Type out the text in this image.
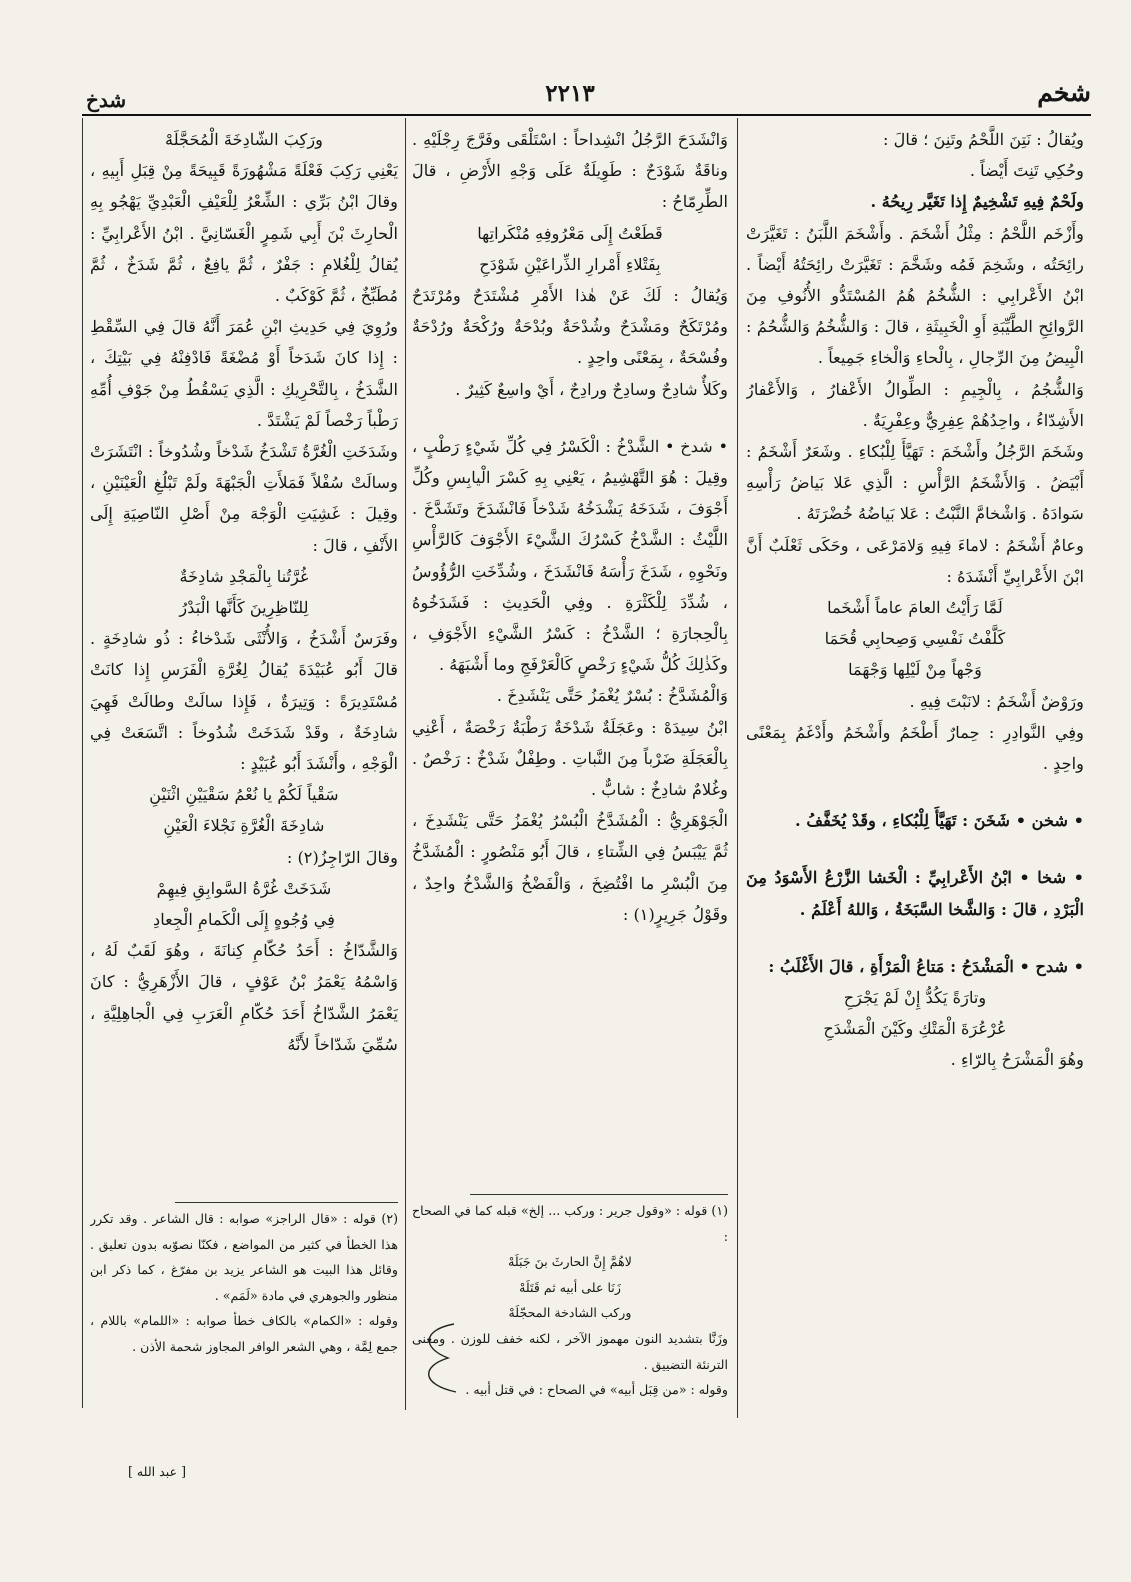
شخم
٢٢١٣
شدخ

ويُقالُ : نَتِنَ اللَّحْمُ وتَنِنَ ؛ قالَ :

وحُكِي تَنِتَ أَيْضاً .

ولَحْمٌ فِيهِ تَشْخِيمٌ إِذا تَغَيَّر رِيحُهُ .

وأَزْخَم اللَّحْمُ : مِثْلُ أَشْخَمَ . وأَشْخَمَ اللَّبَنُ : تَغَيَّرَتْ رائِحَتُه ، وشَخِمَ فَمُه وشَخَّمَ : تَغَيَّرَتْ رائِحَتُهُ أَيْضاً . ابْنُ الأَعْرابِي : الشُّخُمُ هُمُ المُسْتَدُّو الأُنُوفِ مِنَ الرَّوائِحِ الطَّيِّبَةِ أَوِ الْخَبِيثَةِ ، قالَ : وَالشُّخُمُ وَالشُّحُمُ : الْبِيضُ مِنَ الرِّجالِ ، بِالْحاءِ وَالْخاءِ جَمِيعاً .

وَالشُّجُمُ ، بِالْجِيمِ : الطِّوالُ الأَعْفارُ ، وَالأَعْفارُ الأَشِدّاءُ ، واحِدُهُمْ عِفِرِيٌّ وعِفْرِيَةٌ .

وشَخَمَ الرَّجُلُ وأَشْخَمَ : تَهَيَّأَ لِلْبُكاءِ . وشَعَرٌ أَشْخَمُ : أَبْيَضُ . وَالأَشْخَمُ الرَّأْسِ : الَّذِي عَلا بَياضُ رَأْسِهِ سَوادَهُ . وَاشْخامَّ النَّبْتُ : عَلا بَياضُهُ خُضْرَتَهُ .

وعامٌ أَشْخَمُ : لاماءَ فِيهِ وَلامَرْعَى ، وحَكَى ثَعْلَبٌ أَنَّ ابْنَ الأَعْرابِيِّ أَنْشَدَهُ :

لَمَّا رَأَيْتُ العامَ عاماً أَشْخَما

كَلَّفْتُ نَفْسِي وَصِحابِي قُحَمَا

وَجْهاً مِنْ لَيْلِها وَجْهَمَا

ورَوْضٌ أَشْخَمُ : لانَبْتَ فِيهِ .

وفِي النَّوادِرِ : حِمارٌ أَطْخَمُ وأَشْخَمُ وأَدْغَمُ بِمَعْنًى واحِدٍ .

• شخن • شَخَنَ : تَهَيَّأَ لِلْبُكاءِ ، وقَدْ يُخَفَّفُ .

• شخا • ابْنُ الأَعْرابِيِّ : الْخَشا الزَّرْعُ الأَسْوَدُ مِنَ الْبَرْدِ ، قالَ : وَالشَّخا السَّبَخَةُ ، وَاللهُ أَعْلَمُ .

• شدح • الْمَشْدَحُ : مَتاعُ الْمَرْأَةِ ، قالَ الأَغْلَبُ :

وتارَةً يَكُدُّ إِنْ لَمْ يَجْرَحِ

عُرْعُرَةَ الْمَتْكِ وكَيْنَ الْمَشْدَحِ

وهُوَ الْمَشْرَحُ بِالرّاءِ .

وَانْشَدَحَ الرَّجُلُ انْشِداحاً : اسْتَلْقَى وفَرَّجَ رِجْلَيْهِ . وناقَةٌ شَوْدَحٌ : طَوِيلَةٌ عَلَى وَجْهِ الأَرْضِ ، قالَ الطِّرِمّاحُ :

قَطَعْتُ إِلَى مَعْرُوفِهِ مُنْكَراتِها

بِفَتْلاءِ أَمْرارِ الذِّراعَيْنِ شَوْدَحِ

وَيُقالُ : لَكَ عَنْ هٰذا الأَمْرِ مُشْتَدَحٌ ومُرْتَدَحٌ ومُرْتَكَحٌ ومَشْدَحٌ وشُدْحَةٌ وبُدْحَةٌ ورُكْحَةٌ ورُدْحَةٌ وفُسْحَةٌ ، بِمَعْنًى واحِدٍ .

وكَلأٌ شادِحٌ وسادِحٌ ورادِحٌ ، أَيْ واسِعٌ كَثِيرٌ .

• شدخ • الشَّدْخُ : الْكَسْرُ فِي كُلِّ شَيْءٍ رَطْبٍ ، وقِيلَ : هُوَ التَّهْشِيمُ ، يَعْنِي بِهِ كَسْرَ الْيابِسِ وكُلِّ أَجْوَفَ ، شَدَخَهُ يَشْدَخُهُ شَدْخاً فَانْشَدَخَ وتَشَدَّخَ . اللَّيْثُ : الشَّدْخُ كَسْرُكَ الشَّيْءَ الأَجْوَفَ كَالرَّأْسِ ونَحْوِهِ ، شَدَخَ رَأْسَهُ فَانْشَدَخَ ، وشُدِّخَتِ الرُّؤُوسُ ، شُدِّدَ لِلْكَثْرَةِ . وفِي الْحَدِيثِ : فَشَدَخُوهُ بِالْحِجارَةِ ؛ الشَّدْخُ : كَسْرُ الشَّيْءِ الأَجْوَفِ ، وكَذٰلِكَ كُلُّ شَيْءٍ رَخْصٍ كَالْعَرْفَجِ وما أَشْبَهَهُ .

وَالْمُشَدَّخُ : بُسْرٌ يُغْمَزُ حَتَّى يَنْشَدِخَ .

ابْنُ سِيدَهْ : وعَجَلَةٌ شَدْخَةٌ رَطْبَةٌ رَخْصَةٌ ، أَعْنِي بِالْعَجَلَةِ ضَرْباً مِنَ النَّباتِ . وطِفْلٌ شَدْخٌ : رَخْصٌ . وغُلامٌ شادِخٌ : شابٌّ .

الْجَوْهَرِيُّ : الْمُشَدَّخُ الْبُسْرُ يُغْمَزُ حَتَّى يَنْشَدِخَ ، ثُمَّ يَيْبَسُ فِي الشِّتاءِ ، قالَ أَبُو مَنْصُورٍ : الْمُشَدَّخُ مِنَ الْبُسْرِ ما افْتُضِخَ ، وَالْفَضْخُ وَالشَّدْخُ واحِدٌ ، وقَوْلُ جَرِيرٍ(١) :

ورَكِبَ الشّادِخَةَ الْمُحَجَّلَهْ

يَعْنِي رَكِبَ فَعْلَةً مَشْهُورَةً قَبِيحَةً مِنْ قِبَلِ أَبِيهِ ، وقالَ ابْنُ بَرِّي : الشِّعْرُ لِلْعَيْفِ الْعَبْدِيِّ يَهْجُو بِهِ الْحارِثَ بْنَ أَبِي شَمِرٍ الْغَسّانِيَّ . ابْنُ الأَعْرابِيِّ : يُقالُ لِلْغُلامِ : جَفْرٌ ، ثُمَّ يافِعٌ ، ثُمَّ شَدَخٌ ، ثُمَّ مُطَبِّخٌ ، ثُمَّ كَوْكَبٌ .

ورُوِيَ فِي حَدِيثِ ابْنِ عُمَرَ أَنَّهُ قالَ فِي السِّقْطِ : إِذا كانَ شَدَخاً أَوْ مُضْغَةً فَادْفِنْهُ فِي بَيْتِكَ ، الشَّدَخُ ، بِالتَّحْرِيكِ : الَّذِي يَسْقُطُ مِنْ جَوْفِ أُمِّهِ رَطْباً رَخْصاً لَمْ يَشْتَدَّ .

وشَدَخَتِ الْغُرَّةُ تَشْدَخُ شَدْخاً وشُدُوخاً : انْتَشَرَتْ وسالَتْ سُفْلاً فَمَلأَتِ الْجَبْهَةَ ولَمْ تَبْلُغِ الْعَيْنَيْنِ ، وقِيلَ : غَشِيَتِ الْوَجْهَ مِنْ أَصْلِ النّاصِيَةِ إِلَى الأَنْفِ ، قالَ :

غُرَّتُنا بِالْمَجْدِ شادِخَةٌ

لِلنّاظِرِينَ كَأَنَّها الْبَدْرُ

وفَرَسٌ أَشْدَخُ ، وَالأُنْثَى شَدْخاءُ : ذُو شادِخَةٍ . قالَ أَبُو عُبَيْدَةَ يُقالُ لِغُرَّةِ الْفَرَسِ إِذا كانَتْ مُسْتَدِيرَةً : وَتِيرَةٌ ، فَإِذا سالَتْ وطالَتْ فَهِيَ شادِخَةٌ ، وقَدْ شَدَخَتْ شُدُوخاً : اتَّسَعَتْ فِي الْوَجْهِ ، وأَنْشَدَ أَبُو عُبَيْدٍ :

سَقْياً لَكُمْ يا نُعْمُ سَقْيَيْنِ اثْنَيْنِ

شادِخَةَ الْغُرَّةِ نَجْلاءَ الْعَيْنِ

وقالَ الرّاجِزُ(٢) :

شَدَخَتْ غُرَّةُ السَّوابِقِ فِيهِمْ

فِي وُجُوهٍ إِلَى الْكَمامِ الْجِعادِ

وَالشَّدّاخُ : أَحَدُ حُكّامِ كِنانَةَ ، وهُوَ لَقَبٌ لَهُ ، وَاسْمُهُ يَعْمَرُ بْنُ عَوْفٍ ، قالَ الأَزْهَرِيُّ : كانَ يَعْمَرُ الشَّدّاخُ أَحَدَ حُكّامِ الْعَرَبِ فِي الْجاهِلِيَّةِ ، سُمِّيَ شَدّاخاً لأَنَّهُ

(١) قوله : «وقول جرير : وركب ... إلخ» قبله كما في الصحاح :

لاهُمَّ إِنَّ الحارثَ بنَ جَبَلَهْ

زَنَا على أبيه ثم قَتَلَهْ

وركب الشادخة المحجّلَهْ

وزَنَّا بتشديد النون مهموز الآخر ، لكنه خفف للوزن . ومعنى الترنئة التضييق .

وقوله : «من قِبَل أبيه» في الصحاح : في قتل أبيه .

(٢) قوله : «قال الراجز» صوابه : قال الشاعر . وقد تكرر هذا الخطأ في كثير من المواضع ، فكنّا نصوّبه بدون تعليق . وقائل هذا البيت هو الشاعر يزيد بن مفرّغ ، كما ذكر ابن منظور والجوهري في مادة «لَمَم» .

وقوله : «الكمام» بالكاف خطأ صوابه : «اللمام» باللام ، جمع لِمَّة ، وهي الشعر الوافر المجاوز شحمة الأذن .

[ عبد الله ]
